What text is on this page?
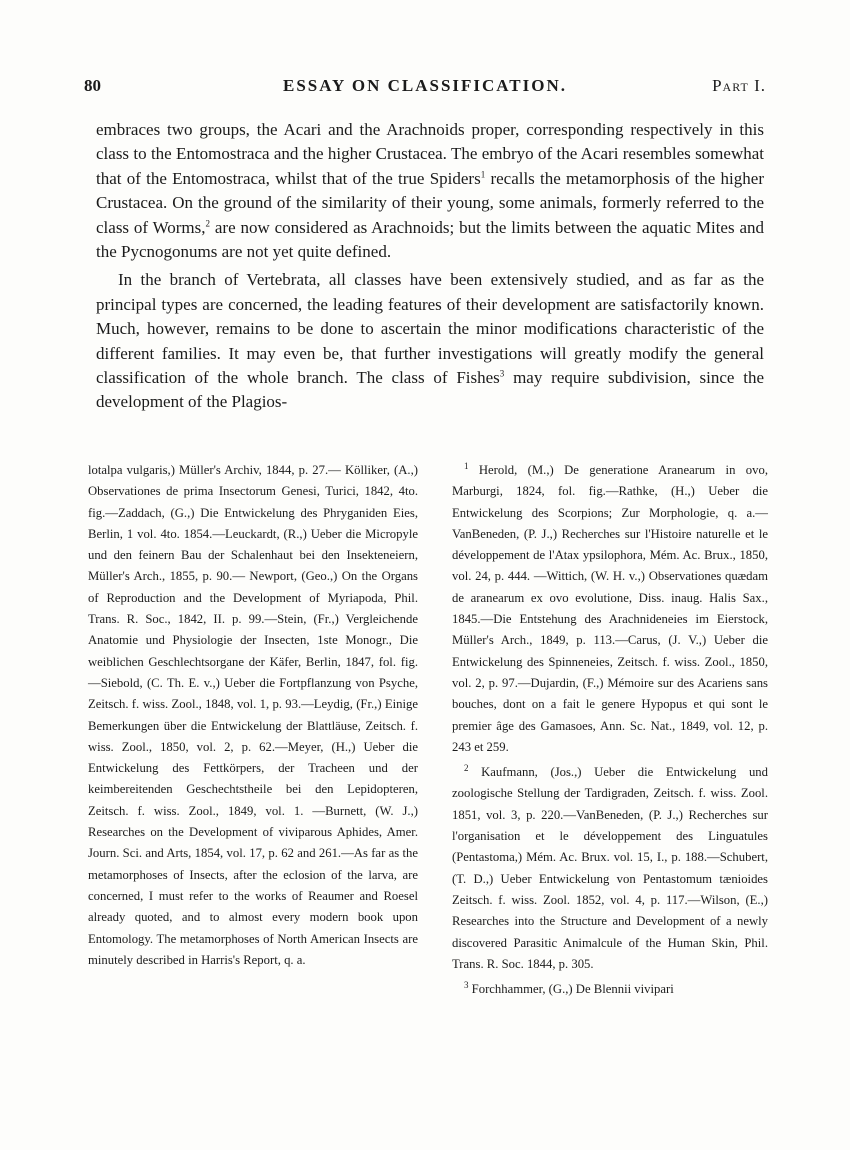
80	ESSAY ON CLASSIFICATION.	Part I.

embraces two groups, the Acari and the Arachnoids proper, corresponding respectively in this class to the Entomostraca and the higher Crustacea. The embryo of the Acari resembles somewhat that of the Entomostraca, whilst that of the true Spiders$^1$ recalls the metamorphosis of the higher Crustacea. On the ground of the similarity of their young, some animals, formerly referred to the class of Worms,$^2$ are now considered as Arachnoids; but the limits between the aquatic Mites and the Pycnogonums are not yet quite defined.

In the branch of Vertebrata, all classes have been extensively studied, and as far as the principal types are concerned, the leading features of their development are satisfactorily known. Much, however, remains to be done to ascertain the minor modifications characteristic of the different families. It may even be, that further investigations will greatly modify the general classification of the whole branch. The class of Fishes$^3$ may require subdivision, since the development of the Plagios-

lotalpa vulgaris,) Müller's Archiv, 1844, p. 27.— Kölliker, (A.,) Observationes de prima Insectorum Genesi, Turici, 1842, 4to. fig.—Zaddach, (G.,) Die Entwickelung des Phryganiden Eies, Berlin, 1 vol. 4to. 1854.—Leuckardt, (R.,) Ueber die Micropyle und den feinern Bau der Schalenhaut bei den Insekteneiern, Müller's Arch., 1855, p. 90.— Newport, (Geo.,) On the Organs of Reproduction and the Development of Myriapoda, Phil. Trans. R. Soc., 1842, II. p. 99.—Stein, (Fr.,) Vergleichende Anatomie und Physiologie der Insecten, 1ste Monogr., Die weiblichen Geschlechtsorgane der Käfer, Berlin, 1847, fol. fig.—Siebold, (C. Th. E. v.,) Ueber die Fortpflanzung von Psyche, Zeitsch. f. wiss. Zool., 1848, vol. 1, p. 93.—Leydig, (Fr.,) Einige Bemerkungen über die Entwickelung der Blattläuse, Zeitsch. f. wiss. Zool., 1850, vol. 2, p. 62.—Meyer, (H.,) Ueber die Entwickelung des Fettkörpers, der Tracheen und der keimbereitenden Geschechtstheile bei den Lepidopteren, Zeitsch. f. wiss. Zool., 1849, vol. 1. —Burnett, (W. J.,) Researches on the Development of viviparous Aphides, Amer. Journ. Sci. and Arts, 1854, vol. 17, p. 62 and 261.—As far as the metamorphoses of Insects, after the eclosion of the larva, are concerned, I must refer to the works of Reaumer and Roesel already quoted, and to almost every modern book upon Entomology. The metamorphoses of North American Insects are minutely described in Harris's Report, q. a.

$^1$ Herold, (M.,) De generatione Aranearum in ovo, Marburgi, 1824, fol. fig.—Rathke, (H.,) Ueber die Entwickelung des Scorpions; Zur Morphologie, q. a.—VanBeneden, (P. J.,) Recherches sur l'Histoire naturelle et le développement de l'Atax ypsilophora, Mém. Ac. Brux., 1850, vol. 24, p. 444. —Wittich, (W. H. v.,) Observationes quædam de aranearum ex ovo evolutione, Diss. inaug. Halis Sax., 1845.—Die Entstehung des Arachnideneies im Eierstock, Müller's Arch., 1849, p. 113.—Carus, (J. V.,) Ueber die Entwickelung des Spinneneies, Zeitsch. f. wiss. Zool., 1850, vol. 2, p. 97.—Dujardin, (F.,) Mémoire sur des Acariens sans bouches, dont on a fait le genere Hypopus et qui sont le premier âge des Gamasoes, Ann. Sc. Nat., 1849, vol. 12, p. 243 et 259.

$^2$ Kaufmann, (Jos.,) Ueber die Entwickelung und zoologische Stellung der Tardigraden, Zeitsch. f. wiss. Zool. 1851, vol. 3, p. 220.—VanBeneden, (P. J.,) Recherches sur l'organisation et le développement des Linguatules (Pentastoma,) Mém. Ac. Brux. vol. 15, I., p. 188.—Schubert, (T. D.,) Ueber Entwickelung von Pentastomum tænioides Zeitsch. f. wiss. Zool. 1852, vol. 4, p. 117.—Wilson, (E.,) Researches into the Structure and Development of a newly discovered Parasitic Animalcule of the Human Skin, Phil. Trans. R. Soc. 1844, p. 305.

$^3$ Forchhammer, (G.,) De Blennii vivipari
